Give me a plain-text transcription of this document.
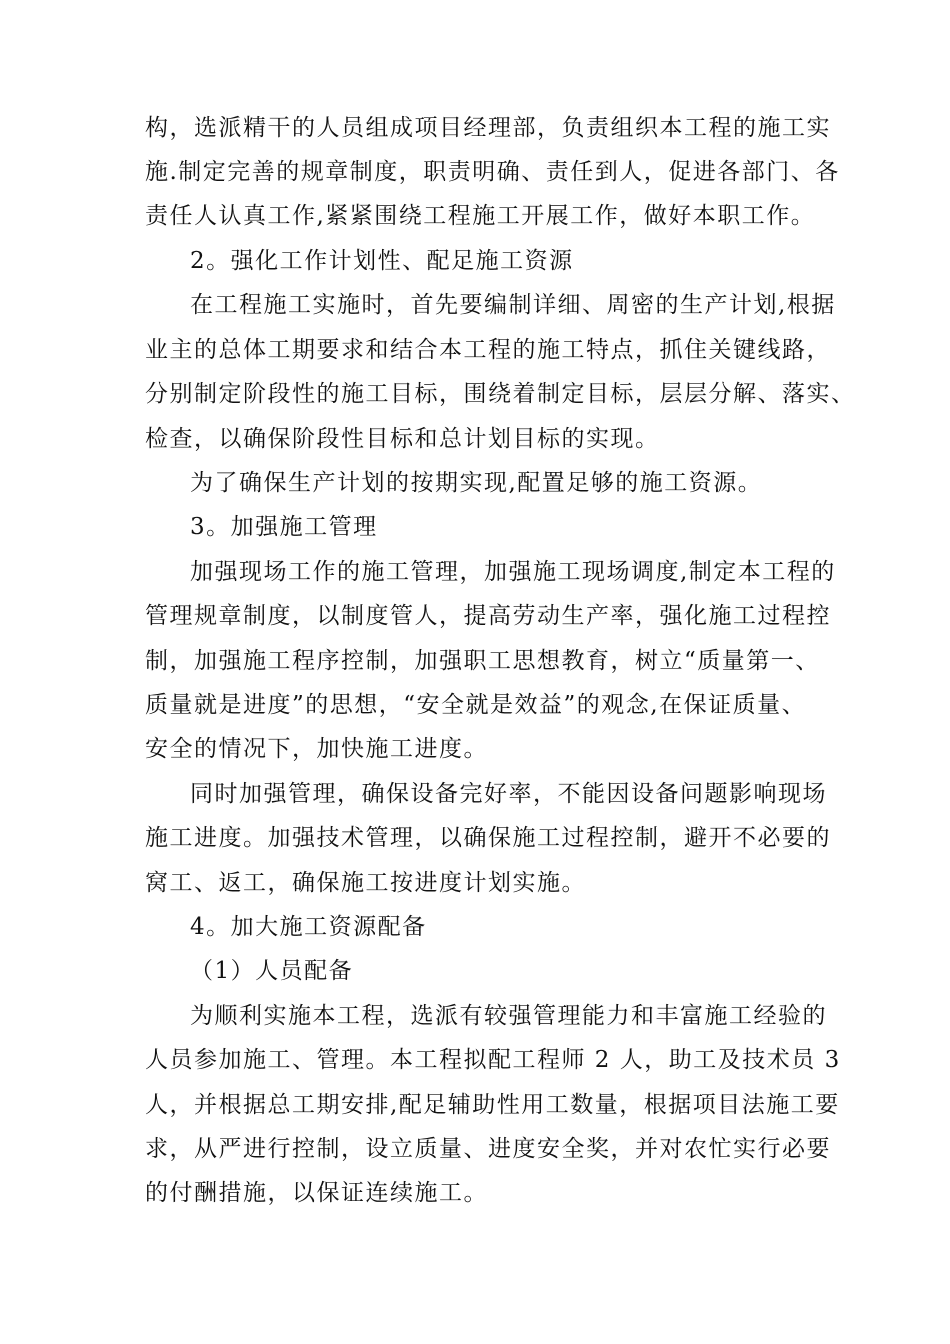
构，选派精干的人员组成项目经理部，负责组织本工程的施工实
施.制定完善的规章制度，职责明确、责任到人，促进各部门、各
责任人认真工作,紧紧围绕工程施工开展工作，做好本职工作。
2。强化工作计划性、配足施工资源
在工程施工实施时，首先要编制详细、周密的生产计划,根据
业主的总体工期要求和结合本工程的施工特点，抓住关键线路，
分别制定阶段性的施工目标，围绕着制定目标，层层分解、落实、
检查，以确保阶段性目标和总计划目标的实现。
为了确保生产计划的按期实现,配置足够的施工资源。
3。加强施工管理
加强现场工作的施工管理，加强施工现场调度,制定本工程的
管理规章制度，以制度管人，提高劳动生产率，强化施工过程控
制，加强施工程序控制，加强职工思想教育，树立“质量第一、
质量就是进度”的思想，“安全就是效益”的观念,在保证质量、
安全的情况下，加快施工进度。
同时加强管理，确保设备完好率，不能因设备问题影响现场
施工进度。加强技术管理，以确保施工过程控制，避开不必要的
窝工、返工，确保施工按进度计划实施。
4。加大施工资源配备
（1）人员配备
为顺利实施本工程，选派有较强管理能力和丰富施工经验的
人员参加施工、管理。本工程拟配工程师 2 人，助工及技术员 3
人，并根据总工期安排,配足辅助性用工数量，根据项目法施工要
求，从严进行控制，设立质量、进度安全奖，并对农忙实行必要
的付酬措施，以保证连续施工。
